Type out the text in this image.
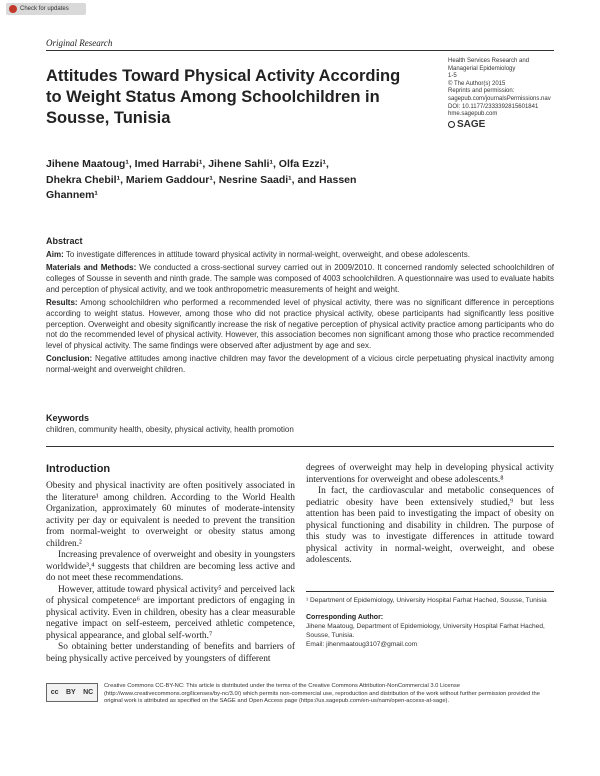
Check for updates
Original Research
Health Services Research and
Managerial Epidemiology
1-5
© The Author(s) 2015
Reprints and permission:
sagepub.com/journalsPermissions.nav
DOI: 10.1177/2333392815601841
hme.sagepub.com
SAGE
Attitudes Toward Physical Activity According to Weight Status Among Schoolchildren in Sousse, Tunisia
Jihene Maatoug¹, Imed Harrabi¹, Jihene Sahli¹, Olfa Ezzi¹, Dhekra Chebil¹, Mariem Gaddour¹, Nesrine Saadi¹, and Hassen Ghannem¹
Abstract

Aim: To investigate differences in attitude toward physical activity in normal-weight, overweight, and obese adolescents.

Materials and Methods: We conducted a cross-sectional survey carried out in 2009/2010. It concerned randomly selected schoolchildren of colleges of Sousse in seventh and ninth grade. The sample was composed of 4003 schoolchildren. A questionnaire was used to evaluate habits and perception of physical activity, and we took anthropometric measurements of height and weight.

Results: Among schoolchildren who performed a recommended level of physical activity, there was no significant difference in perceptions according to weight status. However, among those who did not practice physical activity, obese participants had significantly less positive perception. Overweight and obesity significantly increase the risk of negative perception of physical activity practice among participants who do not do the recommended level of physical activity. However, this association becomes non significant among those who practice recommended level of physical activity. The same findings were observed after adjustment by age and sex.

Conclusion: Negative attitudes among inactive children may favor the development of a vicious circle perpetuating physical inactivity among normal-weight and overweight children.

Keywords
children, community health, obesity, physical activity, health promotion
Introduction

Obesity and physical inactivity are often positively associated in the literature¹ among children. According to the World Health Organization, approximately 60 minutes of moderate-intensity activity per day or equivalent is needed to prevent the transition from normal-weight to overweight or obesity status among children.²

Increasing prevalence of overweight and obesity in youngsters worldwide³,⁴ suggests that children are becoming less active and do not meet these recommendations.

However, attitude toward physical activity⁵ and perceived lack of physical competence⁶ are important predictors of engaging in physical activity. Even in children, obesity has a clear measurable negative impact on self-esteem, perceived athletic competence, physical appearance, and global self-worth.⁷

So obtaining better understanding of benefits and barriers of being physically active perceived by youngsters of different

degrees of overweight may help in developing physical activity interventions for overweight and obese adolescents.⁸

In fact, the cardiovascular and metabolic consequences of pediatric obesity have been extensively studied,⁹ but less attention has been paid to investigating the impact of obesity on physical functioning and disability in children. The purpose of this study was to investigate differences in attitude toward physical activity in normal-weight, overweight, and obese adolescents.

¹ Department of Epidemiology, University Hospital Farhat Hached, Sousse, Tunisia

Corresponding Author:
Jihene Maatoug, Department of Epidemiology, University Hospital Farhat Hached, Sousse, Tunisia.
Email: jihenmaatoug3107@gmail.com
cc BY NC
Creative Commons CC-BY-NC: This article is distributed under the terms of the Creative Commons Attribution-NonCommercial 3.0 License (http://www.creativecommons.org/licenses/by-nc/3.0/) which permits non-commercial use, reproduction and distribution of the work without further permission provided the original work is attributed as specified on the SAGE and Open Access page (https://us.sagepub.com/en-us/nam/open-access-at-sage).
